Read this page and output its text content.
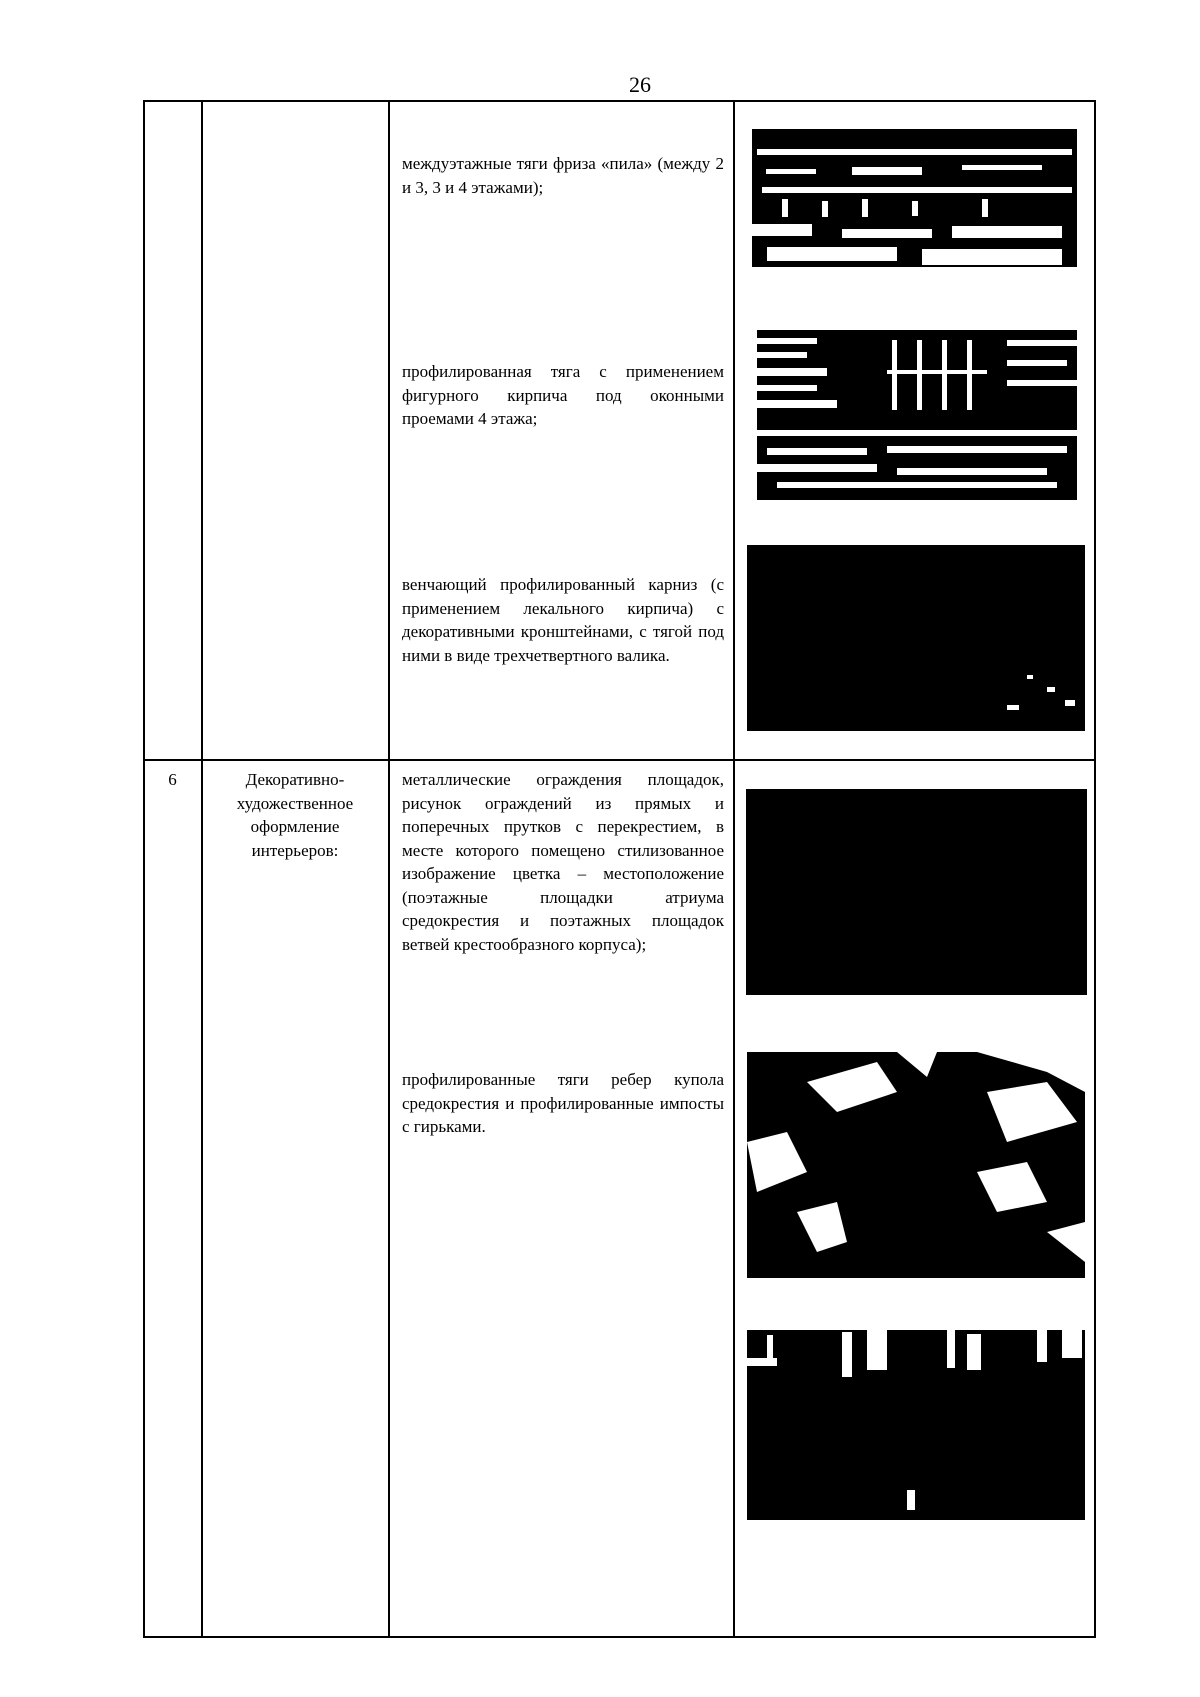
26
междуэтажные тяги фриза «пила» (между 2 и 3, 3 и 4 этажами);
профилированная тяга с применением фигурного кирпича под оконными проемами 4 этажа;
венчающий профилированный карниз (с применением лекального кирпича) с декоративными кронштейнами, с тягой под ними в виде трехчетвертного валика.
6	Декоративно-художественное оформление интерьеров:
металлические ограждения площадок, рисунок ограждений из прямых и поперечных прутков с перекрестием, в месте которого помещено стилизованное изображение цветка – местоположение (поэтажные площадки атриума средокрестия и поэтажных площадок ветвей крестообразного корпуса);
профилированные тяги ребер купола средокрестия и профилированные импосты с гирьками.
